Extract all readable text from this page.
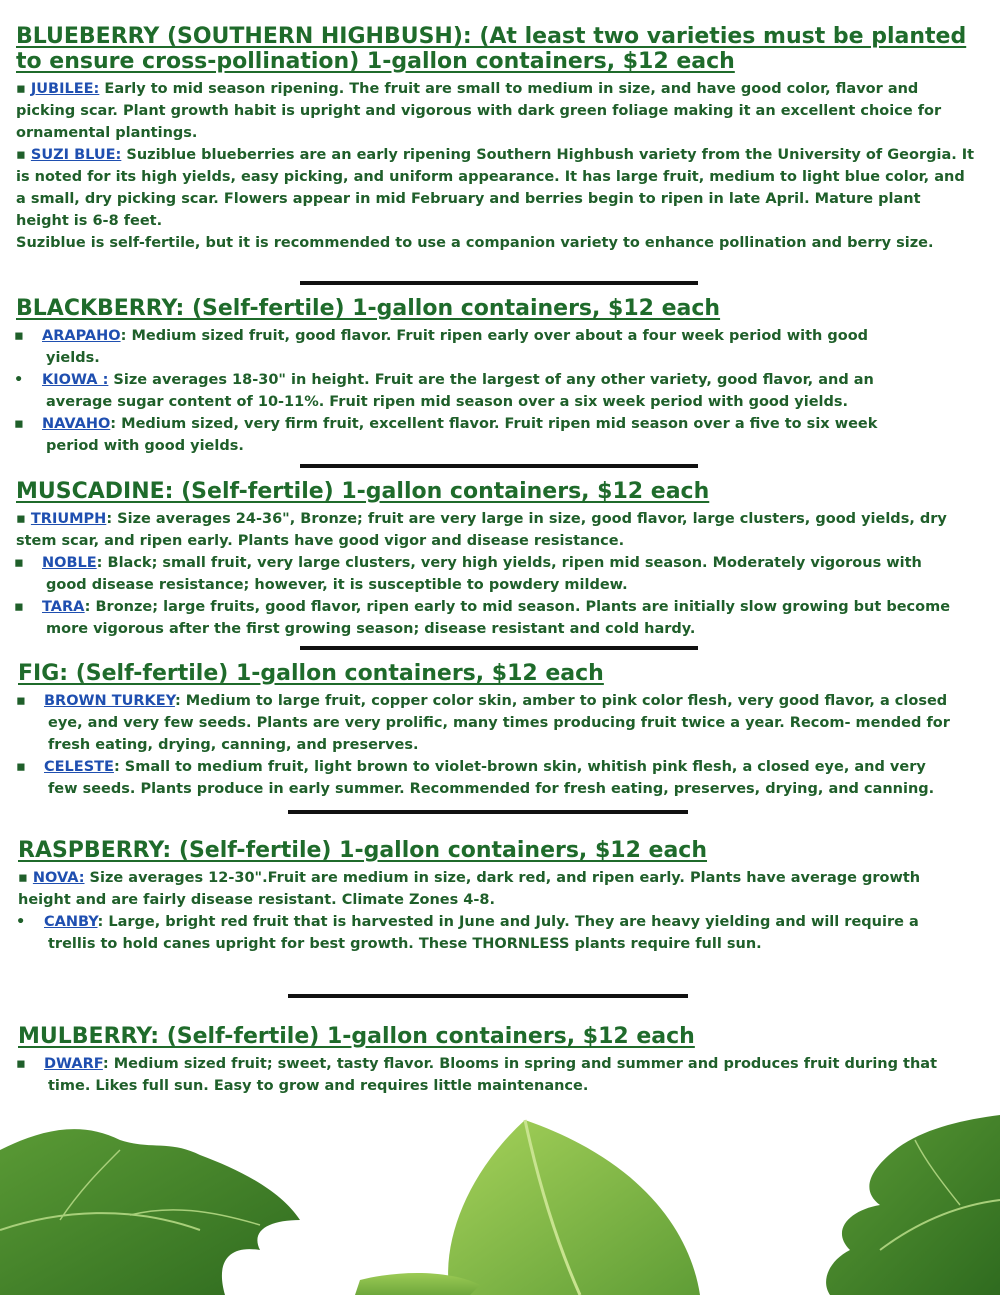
BLUEBERRY (SOUTHERN HIGHBUSH): (At least two varieties must be planted to ensure cross-pollination) 1-gallon containers, $12 each

▪ JUBILEE: Early to mid season ripening. The fruit are small to medium in size, and have good color, flavor and picking scar. Plant growth habit is upright and vigorous with dark green foliage making it an excellent choice for ornamental plantings.

▪ SUZI BLUE: Suziblue blueberries are an early ripening Southern Highbush variety from the University of Georgia. It is noted for its high yields, easy picking, and uniform appearance. It has large fruit, medium to light blue color, and a small, dry picking scar. Flowers appear in mid February and berries begin to ripen in late April. Mature plant height is 6-8 feet.

Suziblue is self-fertile, but it is recommended to use a companion variety to enhance pollination and berry size.

BLACKBERRY: (Self-fertile) 1-gallon containers, $12 each

▪ ARAPAHO: Medium sized fruit, good flavor. Fruit ripen early over about a four week period with good yields.

• KIOWA : Size averages 18-30" in height. Fruit are the largest of any other variety, good flavor, and an average sugar content of 10-11%. Fruit ripen mid season over a six week period with good yields.

▪ NAVAHO: Medium sized, very firm fruit, excellent flavor. Fruit ripen mid season over a five to six week period with good yields.

MUSCADINE: (Self-fertile) 1-gallon containers, $12 each

▪ TRIUMPH: Size averages 24-36", Bronze; fruit are very large in size, good flavor, large clusters, good yields, dry stem scar, and ripen early. Plants have good vigor and disease resistance.

▪ NOBLE: Black; small fruit, very large clusters, very high yields, ripen mid season. Moderately vigorous with good disease resistance; however, it is susceptible to powdery mildew.

▪ TARA: Bronze; large fruits, good flavor, ripen early to mid season. Plants are initially slow growing but become more vigorous after the first growing season; disease resistant and cold hardy.

FIG: (Self-fertile) 1-gallon containers, $12 each

▪ BROWN TURKEY: Medium to large fruit, copper color skin, amber to pink color flesh, very good flavor, a closed eye, and very few seeds. Plants are very prolific, many times producing fruit twice a year. Recom- mended for fresh eating, drying, canning, and preserves.

▪ CELESTE: Small to medium fruit, light brown to violet-brown skin, whitish pink flesh, a closed eye, and very few seeds. Plants produce in early summer. Recommended for fresh eating, preserves, drying, and canning.

RASPBERRY: (Self-fertile) 1-gallon containers, $12 each

▪ NOVA: Size averages 12-30".Fruit are medium in size, dark red, and ripen early. Plants have average growth height and are fairly disease resistant. Climate Zones 4-8.

• CANBY: Large, bright red fruit that is harvested in June and July. They are heavy yielding and will require a trellis to hold canes upright for best growth. These THORNLESS plants require full sun.

MULBERRY: (Self-fertile) 1-gallon containers, $12 each

▪ DWARF: Medium sized fruit; sweet, tasty flavor. Blooms in spring and summer and produces fruit during that time. Likes full sun. Easy to grow and requires little maintenance.
